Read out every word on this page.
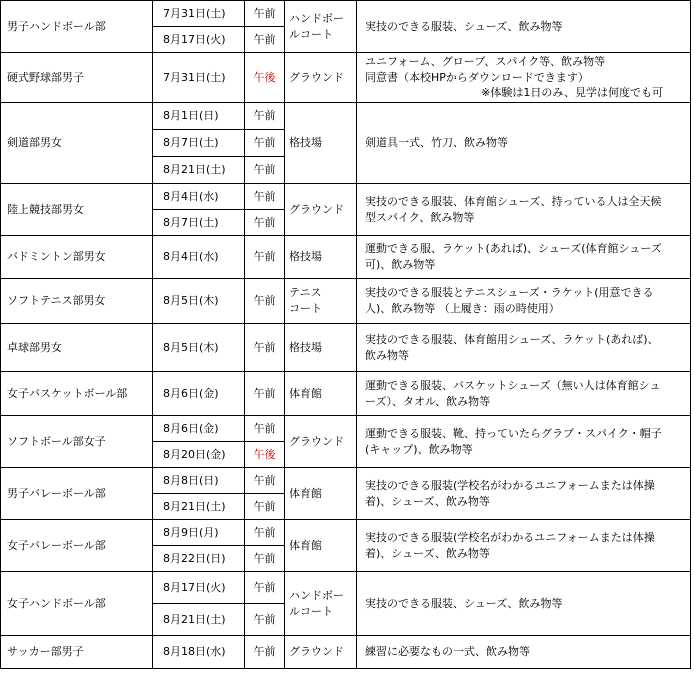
男子ハンドボール部	7月31日(土)	午前	ハンドボー
ルコート	実技のできる服装、シューズ、飲み物等

	8月17日(火)	午前		
硬式野球部男子	7月31日(土)	午後	グラウンド	ユニフォーム、グローブ、スパイク等、飲み物等
同意書（本校HPからダウンロードできます）
※体験は1日のみ、見学は何度でも可

剣道部男女	8月1日(日)	午前	格技場	剣道具一式、竹刀、飲み物等

	8月7日(土)	午前		
	8月21日(土)	午前		
陸上競技部男女	8月4日(水)	午前	グラウンド	実技のできる服装、体育館シューズ、持っている人は全天候
型スパイク、飲み物等

	8月7日(土)	午前		
バドミントン部男女	8月4日(水)	午前	格技場	運動できる服、ラケット(あれば)、シューズ(体育館シューズ
可)、飲み物等

ソフトテニス部男女	8月5日(木)	午前	テニス
コート	実技のできる服装とテニスシューズ・ラケット(用意できる
人)、飲み物等 （上履き：雨の時使用）

卓球部男女	8月5日(木)	午前	格技場	実技のできる服装、体育館用シューズ、ラケット(あれば)、
飲み物等

女子バスケットボール部	8月6日(金)	午前	体育館	運動できる服装、バスケットシューズ（無い人は体育館シュ
ーズ）、タオル、飲み物等

ソフトボール部女子	8月6日(金)	午前	グラウンド	運動できる服装、靴、持っていたらグラブ・スパイク・帽子
(キャップ)、飲み物等

	8月20日(金)	午後		
男子バレーボール部	8月8日(日)	午前	体育館	実技のできる服装(学校名がわかるユニフォームまたは体操
着)、シューズ、飲み物等

	8月21日(土)	午前		
女子バレーボール部	8月9日(月)	午前	体育館	実技のできる服装(学校名がわかるユニフォームまたは体操
着)、シューズ、飲み物等

	8月22日(日)	午前		
女子ハンドボール部	8月17日(火)	午前	ハンドボー
ルコート	実技のできる服装、シューズ、飲み物等

	8月21日(土)	午前		
サッカー部男子	8月18日(水)	午前	グラウンド	練習に必要なもの一式、飲み物等
